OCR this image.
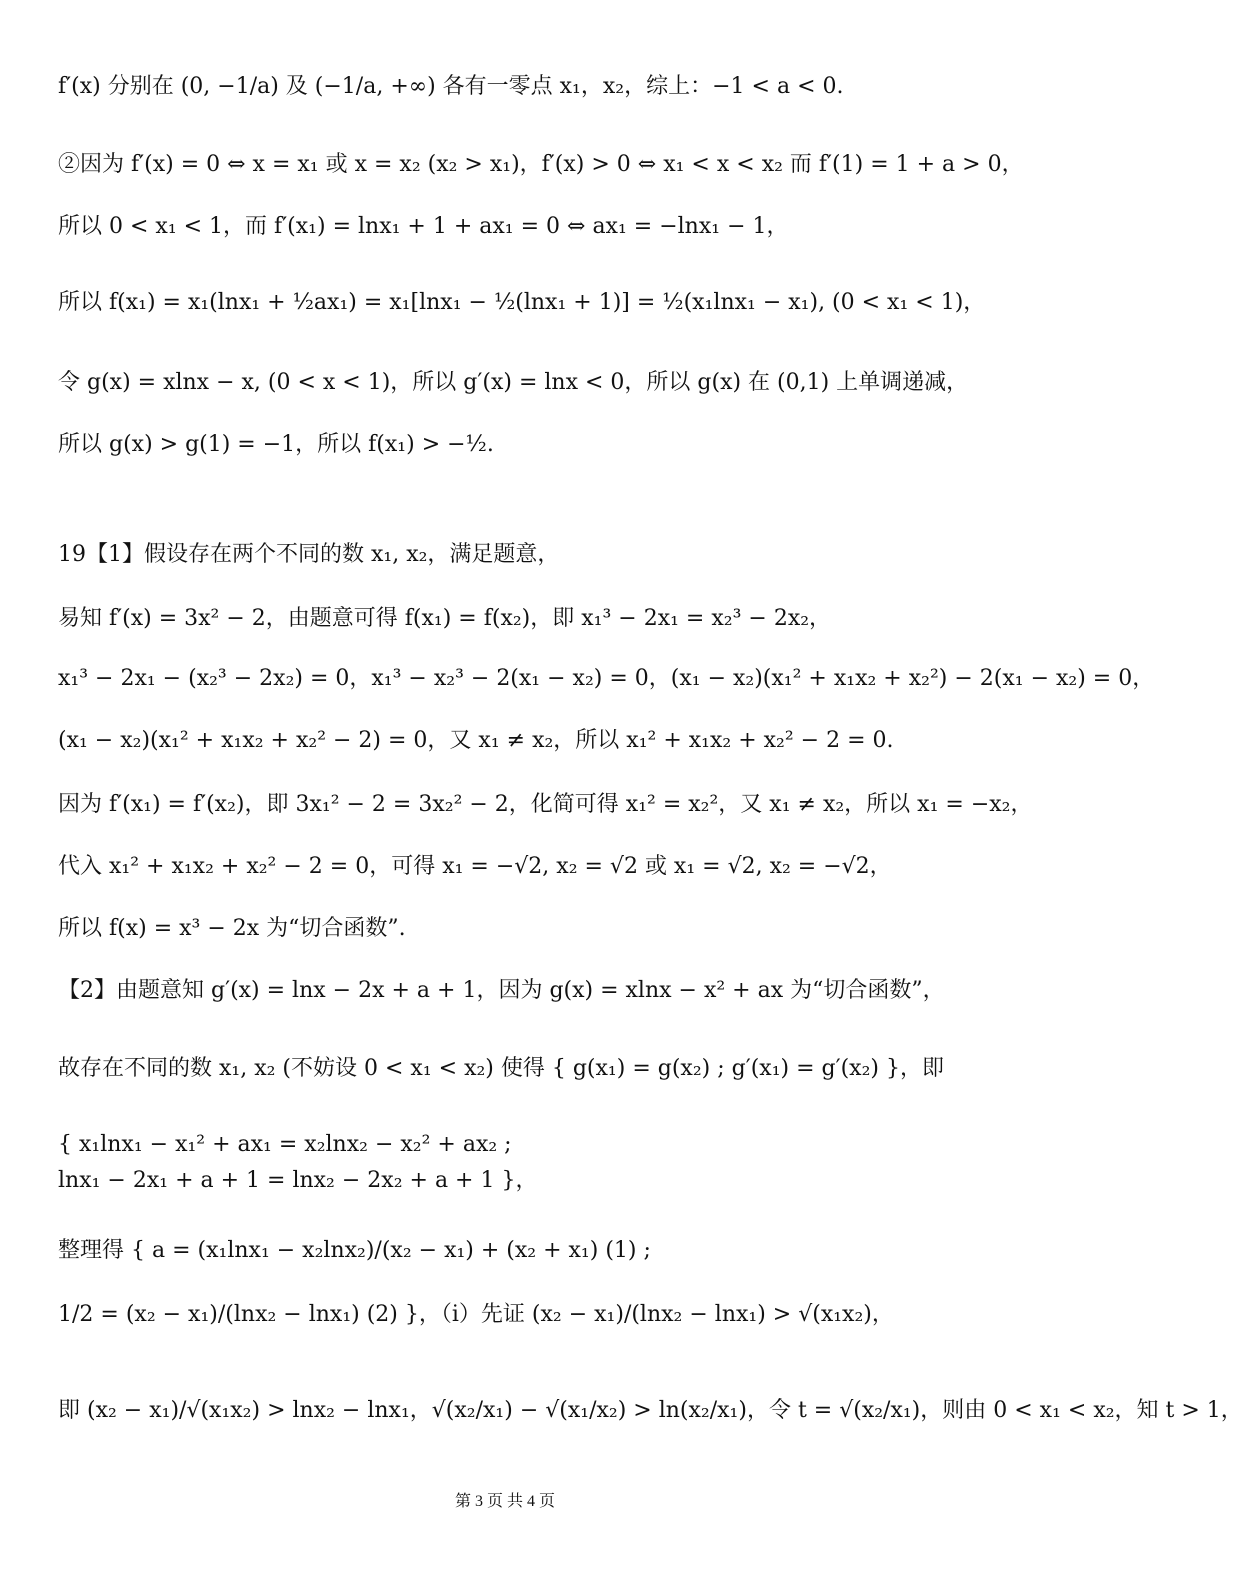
f′(x) 分别在 (0, −1/a) 及 (−1/a, +∞) 各有一零点 x₁，x₂，综上：−1 < a < 0.
②因为 f′(x) = 0 ⇔ x = x₁ 或 x = x₂ (x₂ > x₁)，f′(x) > 0 ⇔ x₁ < x < x₂ 而 f′(1) = 1 + a > 0，
所以 0 < x₁ < 1，而 f′(x₁) = lnx₁ + 1 + ax₁ = 0 ⇔ ax₁ = −lnx₁ − 1，
所以 f(x₁) = x₁(lnx₁ + ½ax₁) = x₁[lnx₁ − ½(lnx₁ + 1)] = ½(x₁lnx₁ − x₁), (0 < x₁ < 1)，
令 g(x) = xlnx − x, (0 < x < 1)，所以 g′(x) = lnx < 0，所以 g(x) 在 (0,1) 上单调递减，
所以 g(x) > g(1) = −1，所以 f(x₁) > −½.
19【1】假设存在两个不同的数 x₁, x₂，满足题意，
易知 f′(x) = 3x² − 2，由题意可得 f(x₁) = f(x₂)，即 x₁³ − 2x₁ = x₂³ − 2x₂，
x₁³ − 2x₁ − (x₂³ − 2x₂) = 0，x₁³ − x₂³ − 2(x₁ − x₂) = 0，(x₁ − x₂)(x₁² + x₁x₂ + x₂²) − 2(x₁ − x₂) = 0，
(x₁ − x₂)(x₁² + x₁x₂ + x₂² − 2) = 0，又 x₁ ≠ x₂，所以 x₁² + x₁x₂ + x₂² − 2 = 0.
因为 f′(x₁) = f′(x₂)，即 3x₁² − 2 = 3x₂² − 2，化简可得 x₁² = x₂²，又 x₁ ≠ x₂，所以 x₁ = −x₂，
代入 x₁² + x₁x₂ + x₂² − 2 = 0，可得 x₁ = −√2, x₂ = √2 或 x₁ = √2, x₂ = −√2，
所以 f(x) = x³ − 2x 为“切合函数”.
【2】由题意知 g′(x) = lnx − 2x + a + 1，因为 g(x) = xlnx − x² + ax 为“切合函数”，
故存在不同的数 x₁, x₂ (不妨设 0 < x₁ < x₂) 使得 { g(x₁) = g(x₂) ; g′(x₁) = g′(x₂) }，即
{ x₁lnx₁ − x₁² + ax₁ = x₂lnx₂ − x₂² + ax₂ ;
lnx₁ − 2x₁ + a + 1 = lnx₂ − 2x₂ + a + 1 }，
整理得 { a = (x₁lnx₁ − x₂lnx₂)/(x₂ − x₁) + (x₂ + x₁) (1) ;
1/2 = (x₂ − x₁)/(lnx₂ − lnx₁) (2) }，（ⅰ）先证 (x₂ − x₁)/(lnx₂ − lnx₁) > √(x₁x₂)，
即 (x₂ − x₁)/√(x₁x₂) > lnx₂ − lnx₁，√(x₂/x₁) − √(x₁/x₂) > ln(x₂/x₁)，令 t = √(x₂/x₁)，则由 0 < x₁ < x₂，知 t > 1，
第 3 页 共 4 页
